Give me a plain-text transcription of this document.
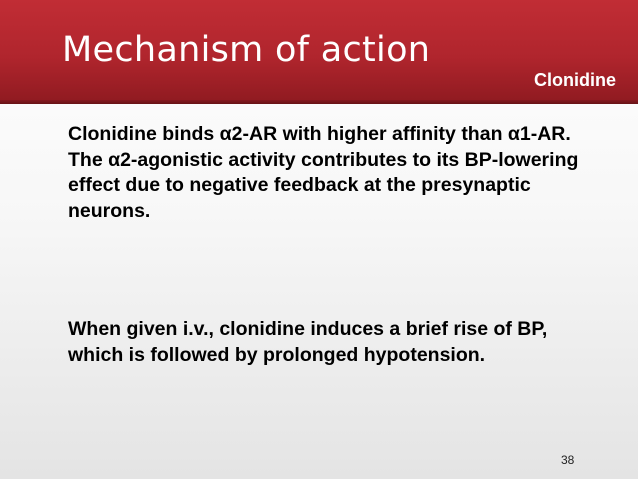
Mechanism of action
Clonidine

Clonidine binds α2-AR with higher affinity than α1-AR. The α2-agonistic activity contributes to its BP-lowering effect due to negative feedback at the presynaptic neurons.

When given i.v., clonidine induces a brief rise of BP, which is followed by prolonged hypotension.

38
